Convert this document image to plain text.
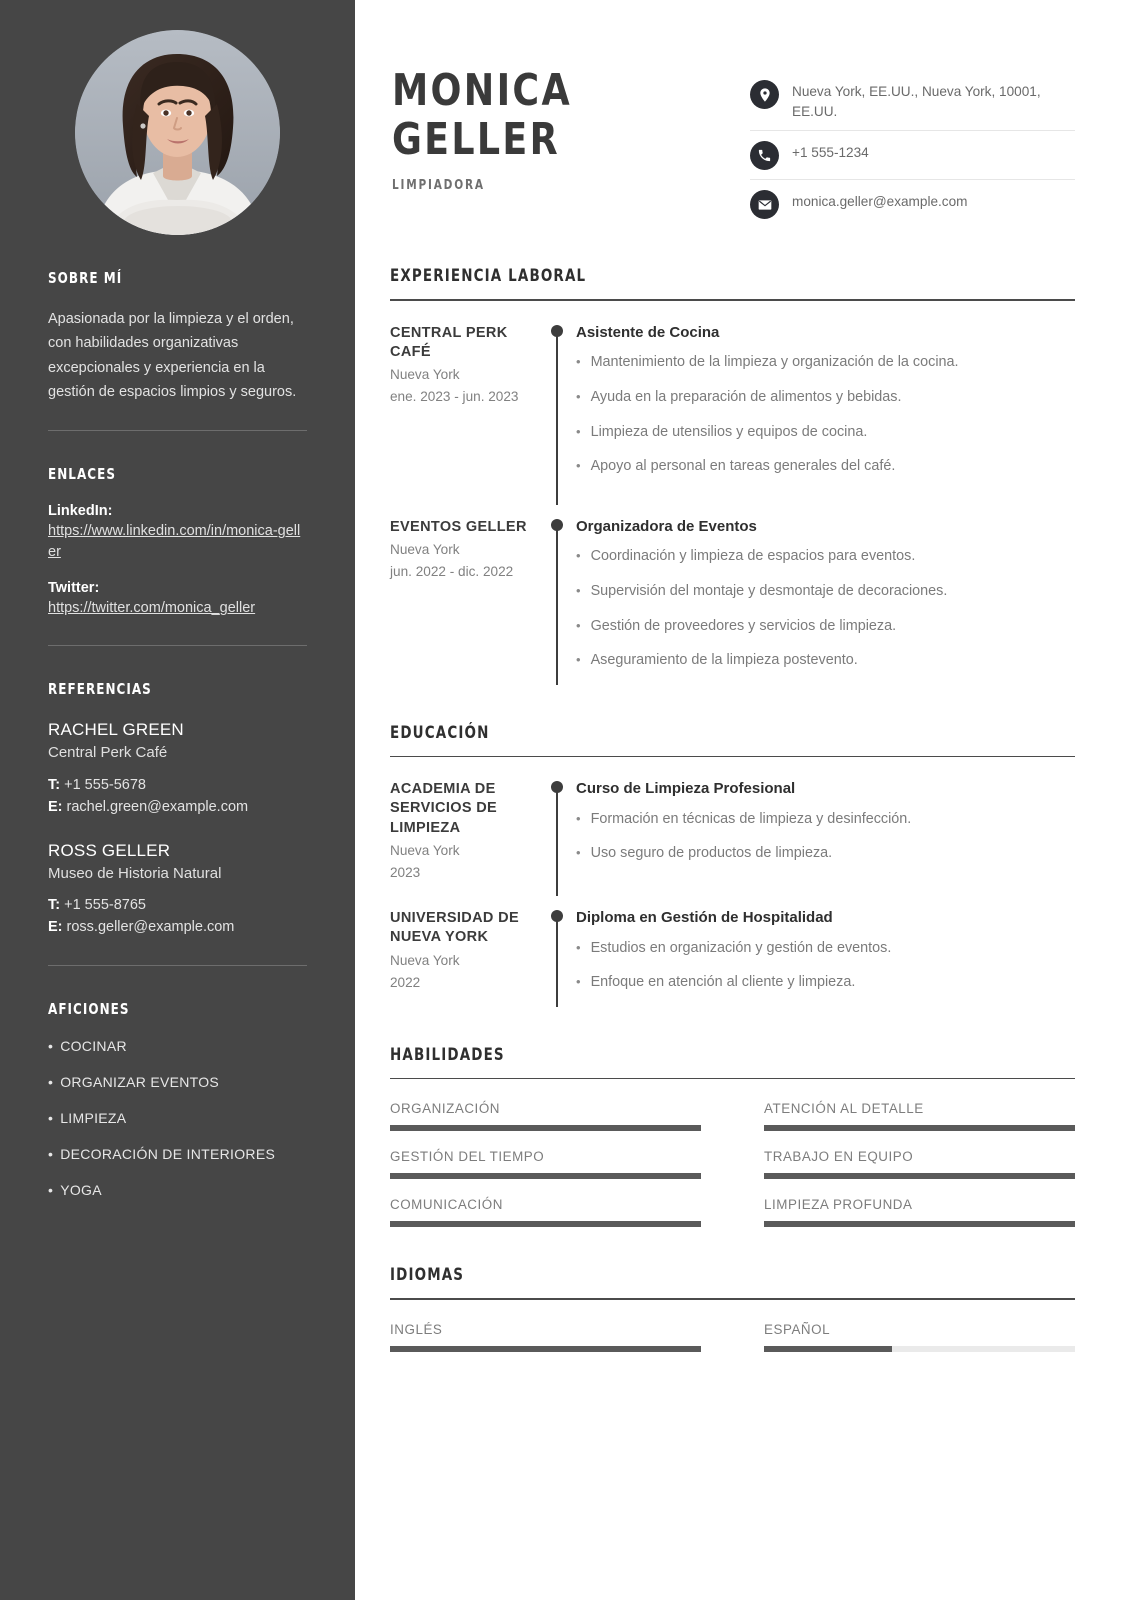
SOBRE MÍ
Apasionada por la limpieza y el orden, con habilidades organizativas excepcionales y experiencia en la gestión de espacios limpios y seguros.
ENLACES
LinkedIn:
https://www.linkedin.com/in/monica-geller
Twitter:
https://twitter.com/monica_geller
REFERENCIAS
RACHEL GREEN
Central Perk Café
T: +1 555-5678
E: rachel.green@example.com
ROSS GELLER
Museo de Historia Natural
T: +1 555-8765
E: ross.geller@example.com
AFICIONES
• COCINAR
• ORGANIZAR EVENTOS
• LIMPIEZA
• DECORACIÓN DE INTERIORES
• YOGA
MONICA
GELLER
LIMPIADORA
Nueva York, EE.UU., Nueva York, 10001, EE.UU.
+1 555-1234
monica.geller@example.com
EXPERIENCIA LABORAL
CENTRAL PERK CAFÉ
Nueva York
ene. 2023 - jun. 2023
Asistente de Cocina
• Mantenimiento de la limpieza y organización de la cocina.
• Ayuda en la preparación de alimentos y bebidas.
• Limpieza de utensilios y equipos de cocina.
• Apoyo al personal en tareas generales del café.
EVENTOS GELLER
Nueva York
jun. 2022 - dic. 2022
Organizadora de Eventos
• Coordinación y limpieza de espacios para eventos.
• Supervisión del montaje y desmontaje de decoraciones.
• Gestión de proveedores y servicios de limpieza.
• Aseguramiento de la limpieza postevento.
EDUCACIÓN
ACADEMIA DE SERVICIOS DE LIMPIEZA
Nueva York
2023
Curso de Limpieza Profesional
• Formación en técnicas de limpieza y desinfección.
• Uso seguro de productos de limpieza.
UNIVERSIDAD DE NUEVA YORK
Nueva York
2022
Diploma en Gestión de Hospitalidad
• Estudios en organización y gestión de eventos.
• Enfoque en atención al cliente y limpieza.
HABILIDADES
ORGANIZACIÓN	ATENCIÓN AL DETALLE
GESTIÓN DEL TIEMPO	TRABAJO EN EQUIPO
COMUNICACIÓN	LIMPIEZA PROFUNDA
IDIOMAS
INGLÉS	ESPAÑOL
